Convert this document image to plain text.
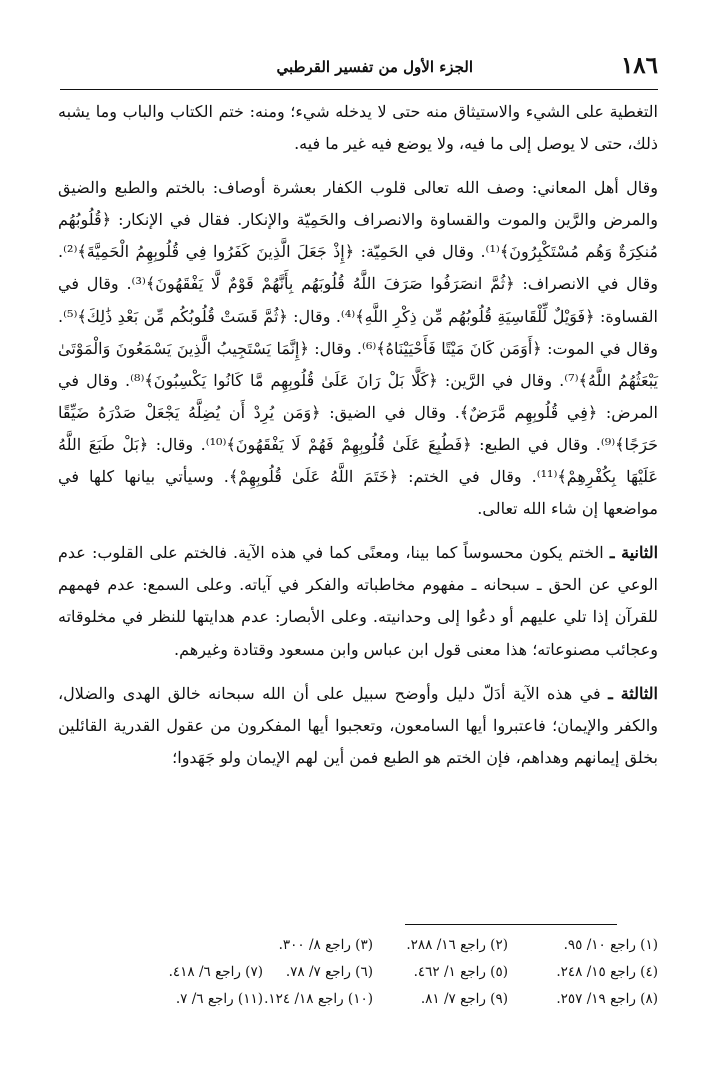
١٨٦
الجزء الأول من تفسير القرطبي

التغطية على الشيء والاستيثاق منه حتى لا يدخله شيء؛ ومنه: ختم الكتاب والباب وما يشبه ذلك، حتى لا يوصل إلى ما فيه، ولا يوضع فيه غير ما فيه.

وقال أهل المعاني: وصف الله تعالى قلوب الكفار بعشرة أوصاف: بالختم والطبع والضيق والمرض والرَّين والموت والقساوة والانصراف والحَمِيّة والإنكار. فقال في الإنكار: ﴿قُلُوبُهُم مُنكِرَةٌ وَهُم مُسْتَكْبِرُونَ﴾⁽¹⁾. وقال في الحَمِيّة: ﴿إِذْ جَعَلَ الَّذِينَ كَفَرُوا فِي قُلُوبِهِمُ الْحَمِيَّةَ﴾⁽²⁾. وقال في الانصراف: ﴿ثُمَّ انصَرَفُوا صَرَفَ اللَّهُ قُلُوبَهُم بِأَنَّهُمْ قَوْمٌ لَّا يَفْقَهُونَ﴾⁽³⁾. وقال في القساوة: ﴿فَوَيْلٌ لِّلْقَاسِيَةِ قُلُوبُهُم مِّن ذِكْرِ اللَّهِ﴾⁽⁴⁾. وقال: ﴿ثُمَّ قَسَتْ قُلُوبُكُم مِّن بَعْدِ ذَٰلِكَ﴾⁽⁵⁾. وقال في الموت: ﴿أَوَمَن كَانَ مَيْتًا فَأَحْيَيْنَاهُ﴾⁽⁶⁾. وقال: ﴿إِنَّمَا يَسْتَجِيبُ الَّذِينَ يَسْمَعُونَ وَالْمَوْتَىٰ يَبْعَثُهُمُ اللَّهُ﴾⁽⁷⁾. وقال في الرَّين: ﴿كَلَّا بَلْ رَانَ عَلَىٰ قُلُوبِهِم مَّا كَانُوا يَكْسِبُونَ﴾⁽⁸⁾. وقال في المرض: ﴿فِي قُلُوبِهِم مَّرَضٌ﴾. وقال في الضيق: ﴿وَمَن يُرِدْ أَن يُضِلَّهُ يَجْعَلْ صَدْرَهُ ضَيِّقًا حَرَجًا﴾⁽⁹⁾. وقال في الطبع: ﴿فَطُبِعَ عَلَىٰ قُلُوبِهِمْ فَهُمْ لَا يَفْقَهُونَ﴾⁽¹⁰⁾. وقال: ﴿بَلْ طَبَعَ اللَّهُ عَلَيْهَا بِكُفْرِهِمْ﴾⁽¹¹⁾. وقال في الختم: ﴿خَتَمَ اللَّهُ عَلَىٰ قُلُوبِهِمْ﴾. وسيأتي بيانها كلها في مواضعها إن شاء الله تعالى.

الثانية ـ الختم يكون محسوساً كما بينا، ومعنًى كما في هذه الآية. فالختم على القلوب: عدم الوعي عن الحق ـ سبحانه ـ مفهوم مخاطباته والفكر في آياته. وعلى السمع: عدم فهمهم للقرآن إذا تلي عليهم أو دعُوا إلى وحدانيته. وعلى الأبصار: عدم هدايتها للنظر في مخلوقاته وعجائب مصنوعاته؛ هذا معنى قول ابن عباس وابن مسعود وقتادة وغيرهم.

الثالثة ـ في هذه الآية أدَلّ دليل وأوضح سبيل على أن الله سبحانه خالق الهدى والضلال، والكفر والإيمان؛ فاعتبروا أيها السامعون، وتعجبوا أيها المفكرون من عقول القدرية القائلين بخلق إيمانهم وهداهم، فإن الختم هو الطبع فمن أين لهم الإيمان ولو جَهَدوا؛

(١) راجع ١٠/ ٩٥.
(٢) راجع ١٦/ ٢٨٨.
(٣) راجع ٨/ ٣٠٠.
(٤) راجع ١٥/ ٢٤٨.
(٥) راجع ١/ ٤٦٢.
(٦) راجع ٧/ ٧٨.
(٧) راجع ٦/ ٤١٨.
(٨) راجع ١٩/ ٢٥٧.
(٩) راجع ٧/ ٨١.
(١٠) راجع ١٨/ ١٢٤.
(١١) راجع ٦/ ٧.
